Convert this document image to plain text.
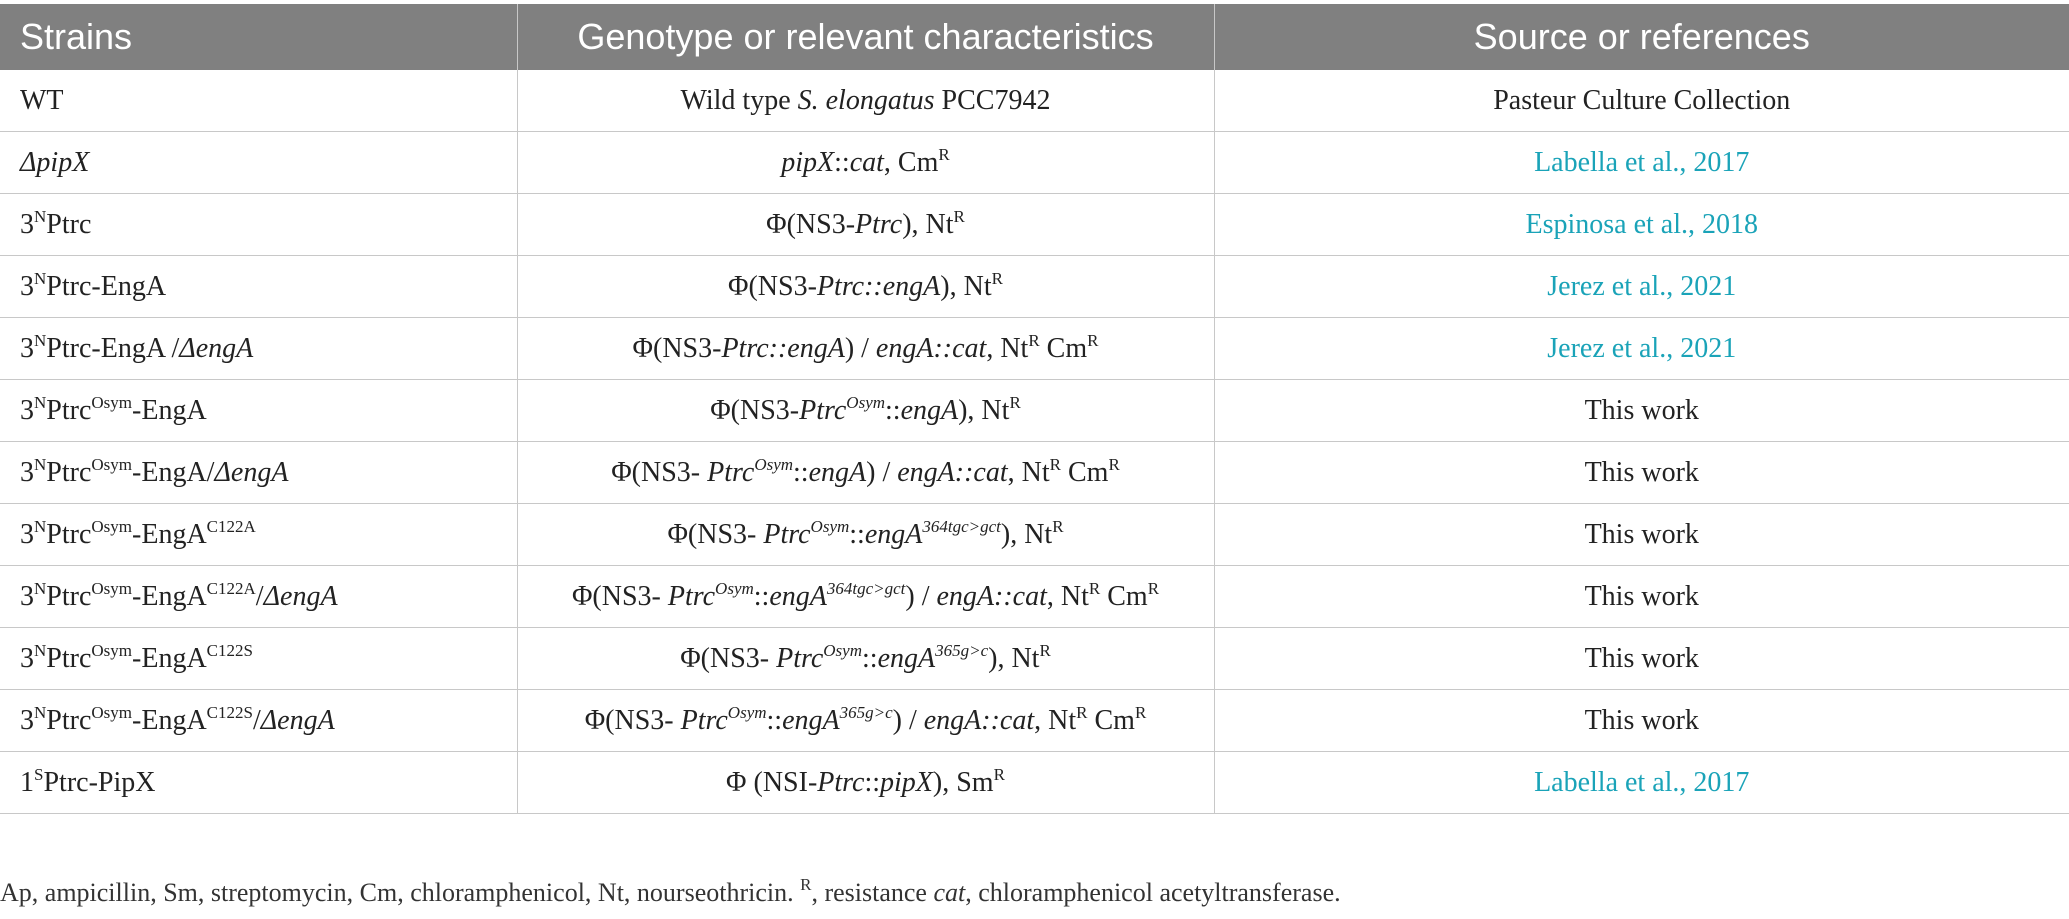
Strains	Genotype or relevant characteristics	Source or references
WT	Wild type S. elongatus PCC7942	Pasteur Culture Collection
ΔpipX	pipX::cat, $Cm^R$	Labella et al., 2017
$3^NPtrc$	Φ(NS3-Ptrc), $Nt^R$	Espinosa et al., 2018
$3^NPtrc$-EngA	Φ(NS3-Ptrc::engA), $Nt^R$	Jerez et al., 2021
$3^NPtrc$-EngA /ΔengA	Φ(NS3-Ptrc::engA) / engA::cat, $Nt^R$ $Cm^R$	Jerez et al., 2021
$3^NPtrc^{Osym}$-EngA	Φ(NS3-Ptrc$^{Osym}$::engA), $Nt^R$	This work
$3^NPtrc^{Osym}-EngA$/ΔengA	Φ(NS3- Ptrc$^{Osym}$::engA) / engA::cat, $Nt^R$ $Cm^R$	This work
$3^NPtrc^{Osym}-EngA^{C122A}$	Φ(NS3- Ptrc$^{Osym}$::engA$^{364tgc>gct}$), $Nt^R$	This work
$3^NPtrc^{Osym}-EngA^{C122A}$/ΔengA	Φ(NS3- Ptrc$^{Osym}$::engA$^{364tgc>gct}$) / engA::cat, $Nt^R$ $Cm^R$	This work
$3^NPtrc^{Osym}-EngA^{C122S}$	Φ(NS3- Ptrc$^{Osym}$::engA$^{365g>c}$), $Nt^R$	This work
$3^NPtrc^{Osym}-EngA^{C122S}$/ΔengA	Φ(NS3- Ptrc$^{Osym}$::engA$^{365g>c}$) / engA::cat, $Nt^R$ $Cm^R$	This work
$1^SPtrc$-PipX	Φ (NSI-Ptrc::pipX), $Sm^R$	Labella et al., 2017
Ap, ampicillin, Sm, streptomycin, Cm, chloramphenicol, Nt, nourseothricin. $^R$, resistance cat, chloramphenicol acetyltransferase.
